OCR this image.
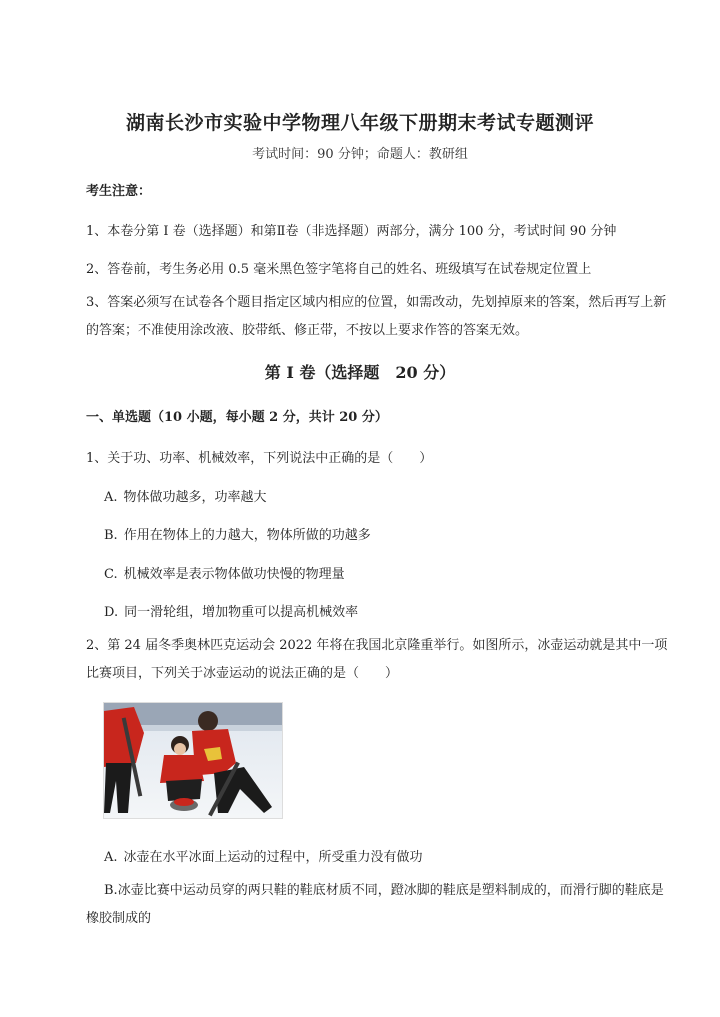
湖南长沙市实验中学物理八年级下册期末考试专题测评
考试时间：90 分钟；命题人：教研组
考生注意：
1、本卷分第 I 卷（选择题）和第Ⅱ卷（非选择题）两部分，满分 100 分，考试时间 90 分钟
2、答卷前，考生务必用 0.5 毫米黑色签字笔将自己的姓名、班级填写在试卷规定位置上
3、答案必须写在试卷各个题目指定区域内相应的位置，如需改动，先划掉原来的答案，然后再写上新的答案；不准使用涂改液、胶带纸、修正带，不按以上要求作答的答案无效。
第 I 卷（选择题　20 分）
一、单选题（10 小题，每小题 2 分，共计 20 分）
1、关于功、功率、机械效率，下列说法中正确的是（　　）
A. 物体做功越多，功率越大
B. 作用在物体上的力越大，物体所做的功越多
C. 机械效率是表示物体做功快慢的物理量
D. 同一滑轮组，增加物重可以提高机械效率
2、第 24 届冬季奥林匹克运动会 2022 年将在我国北京隆重举行。如图所示，冰壶运动就是其中一项比赛项目，下列关于冰壶运动的说法正确的是（　　）
A. 冰壶在水平冰面上运动的过程中，所受重力没有做功
B.冰壶比赛中运动员穿的两只鞋的鞋底材质不同，蹬冰脚的鞋底是塑料制成的，而滑行脚的鞋底是橡胶制成的
